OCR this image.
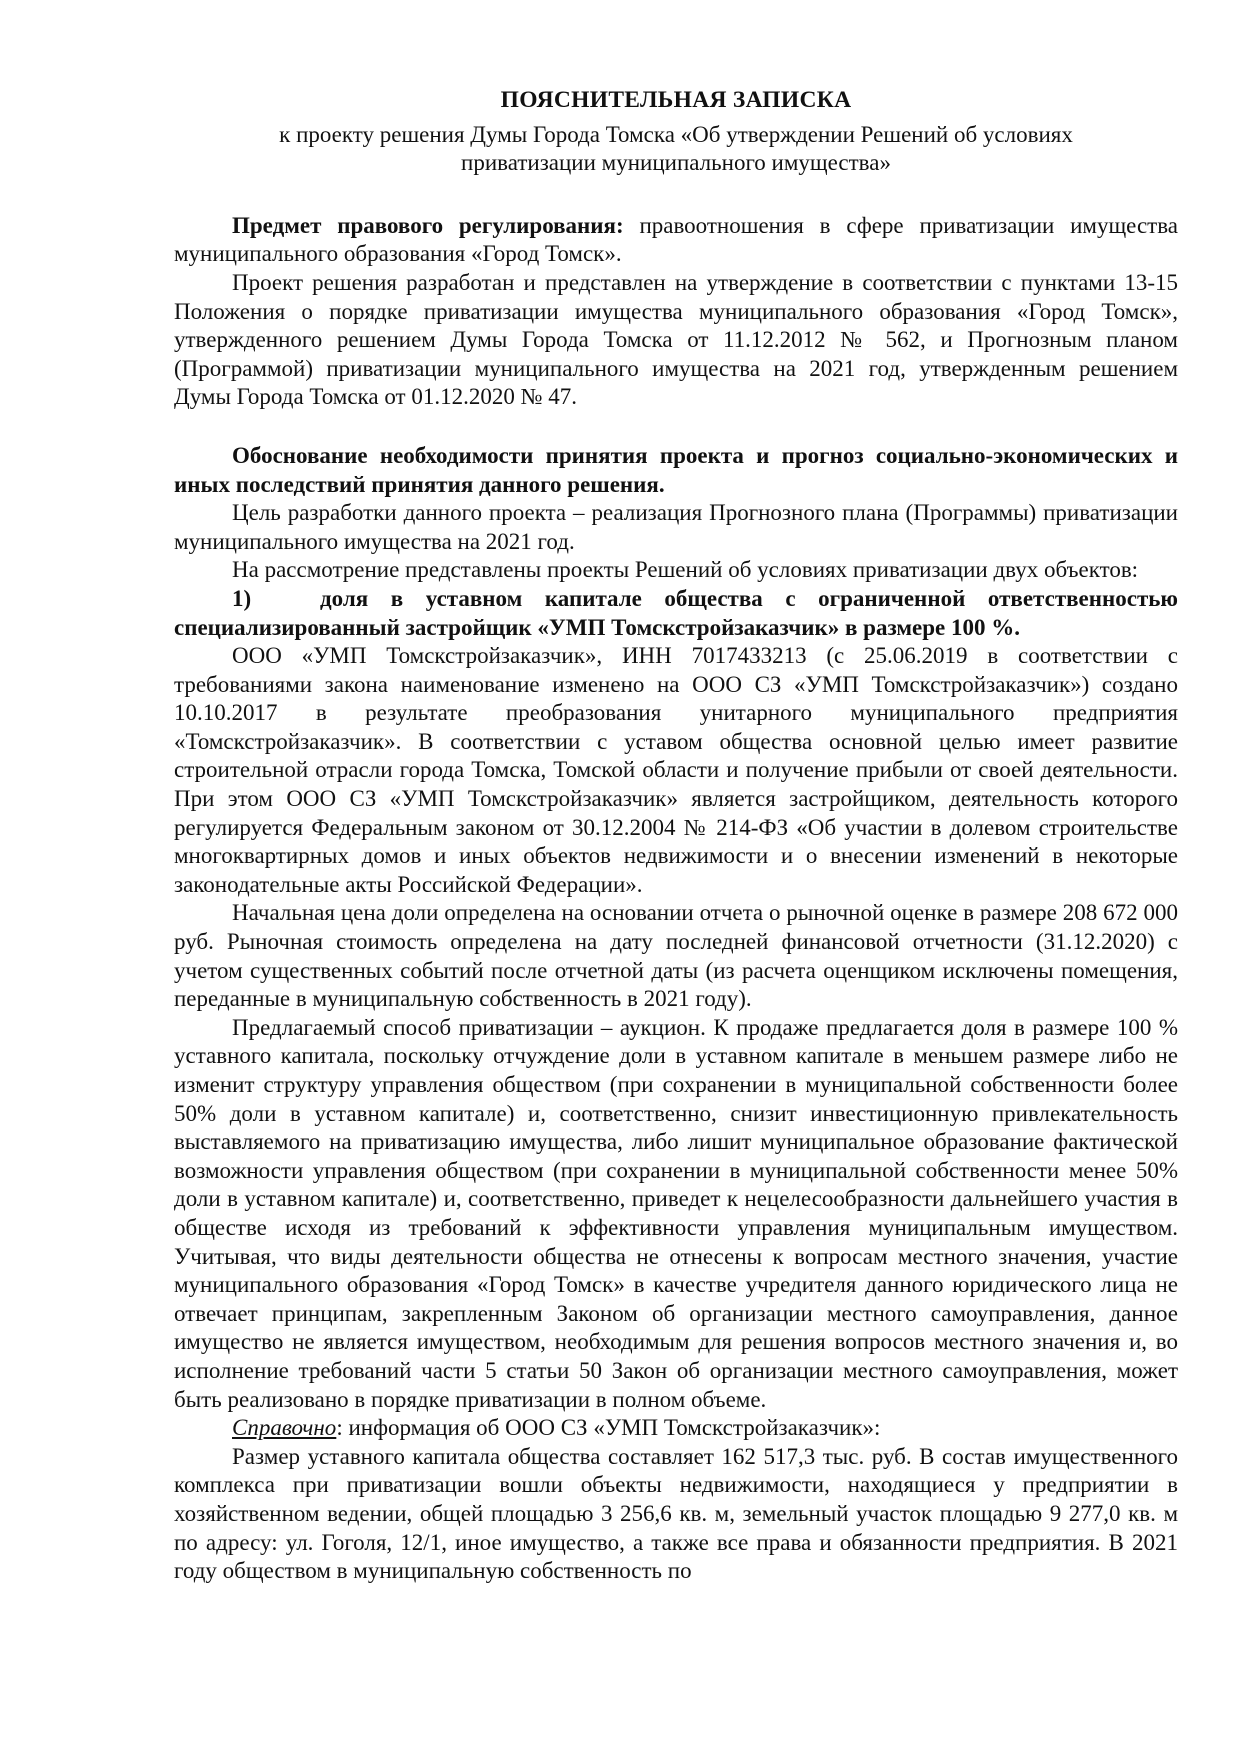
ПОЯСНИТЕЛЬНАЯ ЗАПИСКА
к проекту решения Думы Города Томска «Об утверждении Решений об условиях приватизации муниципального имущества»

Предмет правового регулирования: правоотношения в сфере приватизации имущества муниципального образования «Город Томск».

Проект решения разработан и представлен на утверждение в соответствии с пунктами 13-15 Положения о порядке приватизации имущества муниципального образования «Город Томск», утвержденного решением Думы Города Томска от 11.12.2012 № 562, и Прогнозным планом (Программой) приватизации муниципального имущества на 2021 год, утвержденным решением Думы Города Томска от 01.12.2020 № 47.

Обоснование необходимости принятия проекта и прогноз социально-экономических и иных последствий принятия данного решения.

Цель разработки данного проекта – реализация Прогнозного плана (Программы) приватизации муниципального имущества на 2021 год.

На рассмотрение представлены проекты Решений об условиях приватизации двух объектов:

1)	доля в уставном капитале общества с ограниченной ответственностью специализированный застройщик «УМП Томскстройзаказчик» в размере 100 %.

ООО «УМП Томскстройзаказчик», ИНН 7017433213 (с 25.06.2019 в соответствии с требованиями закона наименование изменено на ООО СЗ «УМП Томскстройзаказчик») создано 10.10.2017 в результате преобразования унитарного муниципального предприятия «Томскстройзаказчик». В соответствии с уставом общества основной целью имеет развитие строительной отрасли города Томска, Томской области и получение прибыли от своей деятельности. При этом ООО СЗ «УМП Томскстройзаказчик» является застройщиком, деятельность которого регулируется Федеральным законом от 30.12.2004 № 214-ФЗ «Об участии в долевом строительстве многоквартирных домов и иных объектов недвижимости и о внесении изменений в некоторые законодательные акты Российской Федерации».

Начальная цена доли определена на основании отчета о рыночной оценке в размере 208 672 000 руб. Рыночная стоимость определена на дату последней финансовой отчетности (31.12.2020) с учетом существенных событий после отчетной даты (из расчета оценщиком исключены помещения, переданные в муниципальную собственность в 2021 году).

Предлагаемый способ приватизации – аукцион. К продаже предлагается доля в размере 100 % уставного капитала, поскольку отчуждение доли в уставном капитале в меньшем размере либо не изменит структуру управления обществом (при сохранении в муниципальной собственности более 50% доли в уставном капитале) и, соответственно, снизит инвестиционную привлекательность выставляемого на приватизацию имущества, либо лишит муниципальное образование фактической возможности управления обществом (при сохранении в муниципальной собственности менее 50% доли в уставном капитале) и, соответственно, приведет к нецелесообразности дальнейшего участия в обществе исходя из требований к эффективности управления муниципальным имуществом. Учитывая, что виды деятельности общества не отнесены к вопросам местного значения, участие муниципального образования «Город Томск» в качестве учредителя данного юридического лица не отвечает принципам, закрепленным Законом об организации местного самоуправления, данное имущество не является имуществом, необходимым для решения вопросов местного значения и, во исполнение требований части 5 статьи 50 Закон об организации местного самоуправления, может быть реализовано в порядке приватизации в полном объеме.

Справочно: информация об ООО СЗ «УМП Томскстройзаказчик»:

Размер уставного капитала общества составляет 162 517,3 тыс. руб. В состав имущественного комплекса при приватизации вошли объекты недвижимости, находящиеся у предприятии в хозяйственном ведении, общей площадью 3 256,6 кв. м, земельный участок площадью 9 277,0 кв. м по адресу: ул. Гоголя, 12/1, иное имущество, а также все права и обязанности предприятия. В 2021 году обществом в муниципальную собственность по
